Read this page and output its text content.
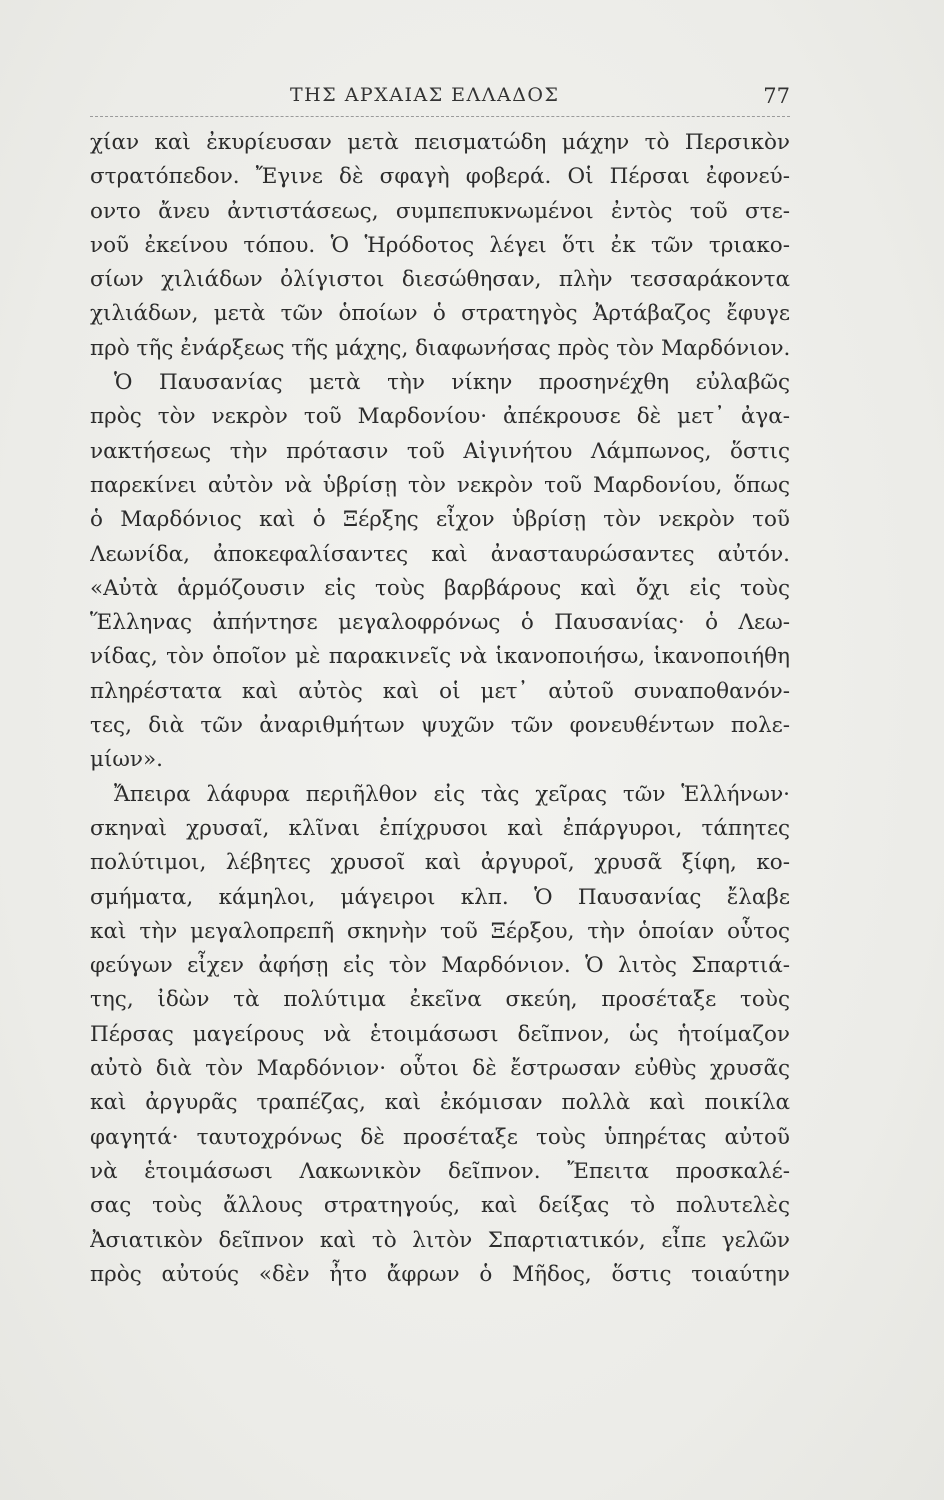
ΤΗΣ ΑΡΧΑΙΑΣ ΕΛΛΑΔΟΣ	77
χίαν καὶ ἐκυρίευσαν μετὰ πεισματώδη μάχην τὸ Περσικὸν
στρατόπεδον. Ἔγινε δὲ σφαγὴ φοβερά. Οἱ Πέρσαι ἐφονεύ-
οντο ἄνευ ἀντιστάσεως, συμπεπυκνωμένοι ἐντὸς τοῦ στε-
νοῦ ἐκείνου τόπου. Ὁ Ἡρόδοτος λέγει ὅτι ἐκ τῶν τριακο-
σίων χιλιάδων ὀλίγιστοι διεσώθησαν, πλὴν τεσσαράκοντα
χιλιάδων, μετὰ τῶν ὁποίων ὁ στρατηγὸς Ἀρτάβαζος ἔφυγε
πρὸ τῆς ἐνάρξεως τῆς μάχης, διαφωνήσας πρὸς τὸν Μαρδόνιον.
Ὁ Παυσανίας μετὰ τὴν νίκην προσηνέχθη εὐλαβῶς
πρὸς τὸν νεκρὸν τοῦ Μαρδονίου· ἀπέκρουσε δὲ μετ᾽ ἀγα-
νακτήσεως τὴν πρότασιν τοῦ Αἰγινήτου Λάμπωνος, ὅστις
παρεκίνει αὐτὸν νὰ ὑβρίσῃ τὸν νεκρὸν τοῦ Μαρδονίου, ὅπως
ὁ Μαρδόνιος καὶ ὁ Ξέρξης εἶχον ὑβρίσῃ τὸν νεκρὸν τοῦ
Λεωνίδα, ἀποκεφαλίσαντες καὶ ἀνασταυρώσαντες αὐτόν.
«Αὐτὰ ἁρμόζουσιν εἰς τοὺς βαρβάρους καὶ ὄχι εἰς τοὺς
Ἕλληνας ἀπήντησε μεγαλοφρόνως ὁ Παυσανίας· ὁ Λεω-
νίδας, τὸν ὁποῖον μὲ παρακινεῖς νὰ ἱκανοποιήσω, ἱκανοποιήθη
πληρέστατα καὶ αὐτὸς καὶ οἱ μετ᾽ αὐτοῦ συναποθανόν-
τες, διὰ τῶν ἀναριθμήτων ψυχῶν τῶν φονευθέντων πολε-
μίων».
Ἄπειρα λάφυρα περιῆλθον εἰς τὰς χεῖρας τῶν Ἑλλήνων·
σκηναὶ χρυσαῖ, κλῖναι ἐπίχρυσοι καὶ ἐπάργυροι, τάπητες
πολύτιμοι, λέβητες χρυσοῖ καὶ ἀργυροῖ, χρυσᾶ ξίφη, κο-
σμήματα, κάμηλοι, μάγειροι κλπ. Ὁ Παυσανίας ἔλαβε
καὶ τὴν μεγαλοπρεπῆ σκηνὴν τοῦ Ξέρξου, τὴν ὁποίαν οὗτος
φεύγων εἶχεν ἀφήσῃ εἰς τὸν Μαρδόνιον. Ὁ λιτὸς Σπαρτιά-
της, ἰδὼν τὰ πολύτιμα ἐκεῖνα σκεύη, προσέταξε τοὺς
Πέρσας μαγείρους νὰ ἑτοιμάσωσι δεῖπνον, ὡς ἡτοίμαζον
αὐτὸ διὰ τὸν Μαρδόνιον· οὗτοι δὲ ἔστρωσαν εὐθὺς χρυσᾶς
καὶ ἀργυρᾶς τραπέζας, καὶ ἐκόμισαν πολλὰ καὶ ποικίλα
φαγητά· ταυτοχρόνως δὲ προσέταξε τοὺς ὑπηρέτας αὐτοῦ
νὰ ἑτοιμάσωσι Λακωνικὸν δεῖπνον. Ἔπειτα προσκαλέ-
σας τοὺς ἄλλους στρατηγούς, καὶ δείξας τὸ πολυτελὲς
Ἀσιατικὸν δεῖπνον καὶ τὸ λιτὸν Σπαρτιατικόν, εἶπε γελῶν
πρὸς αὐτούς «δὲν ἦτο ἄφρων ὁ Μῆδος, ὅστις τοιαύτην
